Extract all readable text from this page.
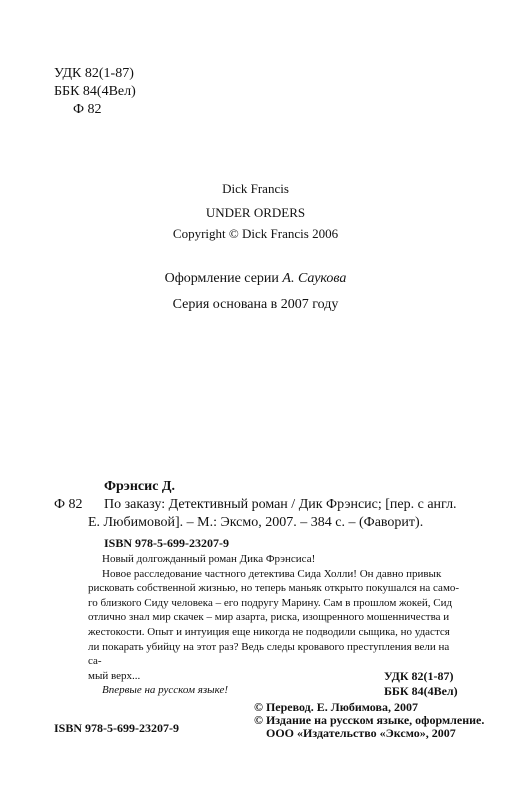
УДК 82(1-87)
ББК 84(4Вел)
Ф 82
Dick Francis
UNDER ORDERS
Copyright © Dick Francis 2006
Оформление серии А. Саукова
Серия основана в 2007 году
Фрэнсис Д.
Ф 82 По заказу: Детективный роман / Дик Фрэнсис; [пер. с англ.
Е. Любимовой]. – М.: Эксмо, 2007. – 384 с. – (Фаворит).
ISBN 978-5-699-23207-9

Новый долгожданный роман Дика Фрэнсиса!

Новое расследование частного детектива Сида Холли! Он давно привык

рисковать собственной жизнью, но теперь маньяк открыто покушался на само-

го близкого Сиду человека – его подругу Марину. Сам в прошлом жокей, Сид

отлично знал мир скачек – мир азарта, риска, изощренного мошенничества и

жестокости. Опыт и интуиция еще никогда не подводили сыщика, но удастся

ли покарать убийцу на этот раз? Ведь следы кровавого преступления вели на са-

мый верх...

Впервые на русском языке!

УДК 82(1-87)
ББК 84(4Вел)
© Перевод. Е. Любимова, 2007
© Издание на русском языке, оформление.
ISBN 978-5-699-23207-9	ООО «Издательство «Эксмо», 2007
